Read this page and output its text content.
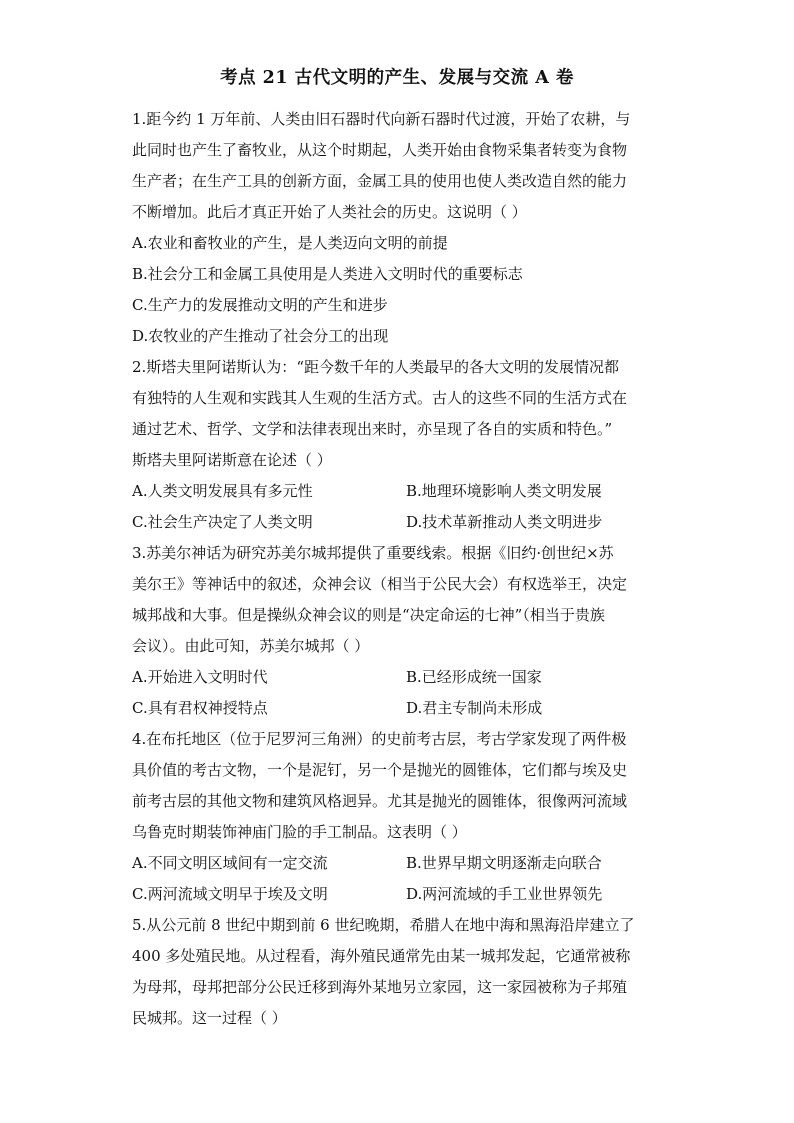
考点 21 古代文明的产生、发展与交流 A 卷
1.距今约 1 万年前、人类由旧石器时代向新石器时代过渡，开始了农耕，与
此同时也产生了畜牧业，从这个时期起，人类开始由食物采集者转变为食物
生产者；在生产工具的创新方面，金属工具的使用也使人类改造自然的能力
不断增加。此后才真正开始了人类社会的历史。这说明（ ）
A.农业和畜牧业的产生，是人类迈向文明的前提
B.社会分工和金属工具使用是人类进入文明时代的重要标志
C.生产力的发展推动文明的产生和进步
D.农牧业的产生推动了社会分工的出现
2.斯塔夫里阿诺斯认为：“距今数千年的人类最早的各大文明的发展情况都
有独特的人生观和实践其人生观的生活方式。古人的这些不同的生活方式在
通过艺术、哲学、文学和法律表现出来时，亦呈现了各自的实质和特色。”
斯塔夫里阿诺斯意在论述（ ）
A.人类文明发展具有多元性	B.地理环境影响人类文明发展
C.社会生产决定了人类文明	D.技术革新推动人类文明进步
3.苏美尔神话为研究苏美尔城邦提供了重要线索。根据《旧约·创世纪×苏
美尔王》等神话中的叙述，众神会议（相当于公民大会）有权选举王，决定
城邦战和大事。但是操纵众神会议的则是“决定命运的七神”（相当于贵族
会议）。由此可知，苏美尔城邦（ ）
A.开始进入文明时代	B.已经形成统一国家
C.具有君权神授特点	D.君主专制尚未形成
4.在布托地区（位于尼罗河三角洲）的史前考古层，考古学家发现了两件极
具价值的考古文物，一个是泥钉，另一个是抛光的圆锥体，它们都与埃及史
前考古层的其他文物和建筑风格迥异。尤其是抛光的圆锥体，很像两河流域
乌鲁克时期装饰神庙门脸的手工制品。这表明（ ）
A.不同文明区域间有一定交流	B.世界早期文明逐渐走向联合
C.两河流域文明早于埃及文明	D.两河流域的手工业世界领先
5.从公元前 8 世纪中期到前 6 世纪晚期，希腊人在地中海和黑海沿岸建立了
400 多处殖民地。从过程看，海外殖民通常先由某一城邦发起，它通常被称
为母邦，母邦把部分公民迁移到海外某地另立家园，这一家园被称为子邦殖
民城邦。这一过程（ ）
